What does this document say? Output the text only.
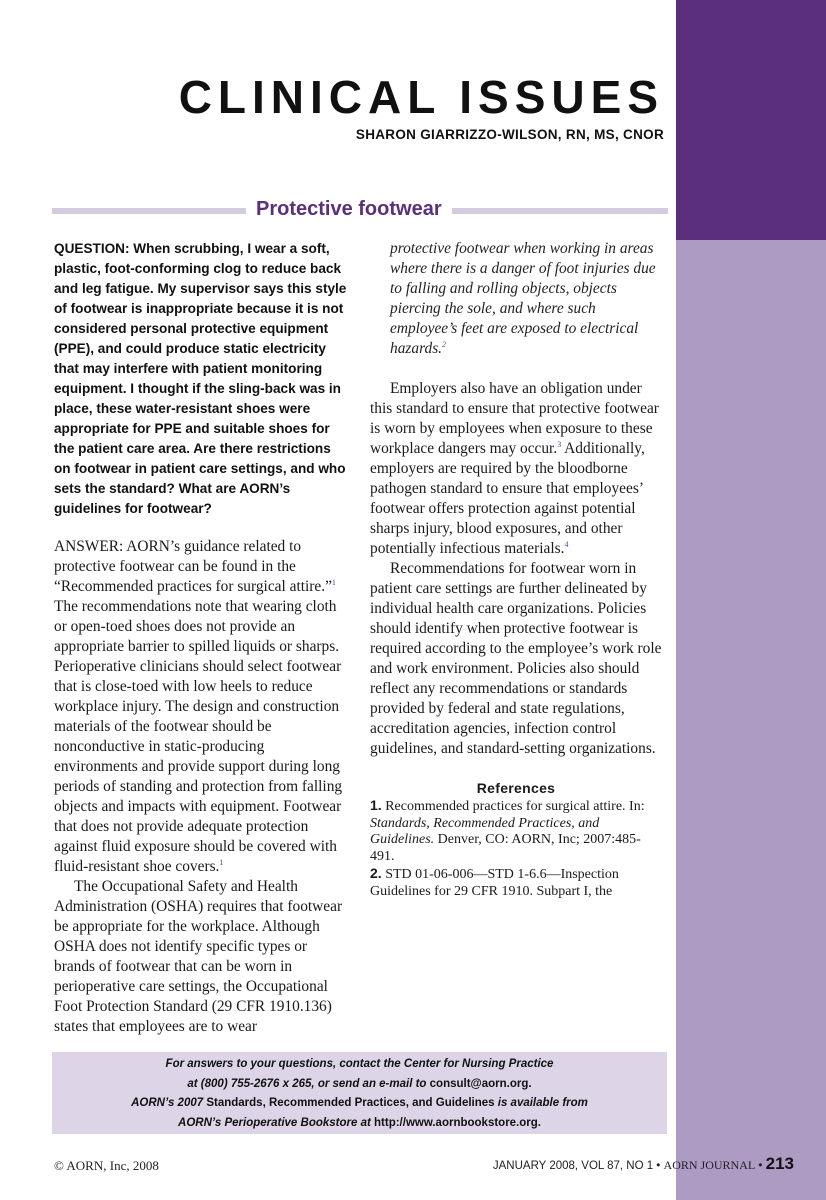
CLINICAL ISSUES
SHARON GIARRIZZO-WILSON, RN, MS, CNOR
Protective footwear

QUESTION: When scrubbing, I wear a soft, plastic, foot-conforming clog to reduce back and leg fatigue. My supervisor says this style of footwear is inappropriate because it is not considered personal protective equipment (PPE), and could produce static electricity that may interfere with patient monitoring equipment. I thought if the sling-back was in place, these water-resistant shoes were appropriate for PPE and suitable shoes for the patient care area. Are there restrictions on footwear in patient care settings, and who sets the standard? What are AORN’s guidelines for footwear?

ANSWER: AORN’s guidance related to protective footwear can be found in the “Recommended practices for surgical attire.”$^1$ The recommendations note that wearing cloth or open-toed shoes does not provide an appropriate barrier to spilled liquids or sharps. Perioperative clinicians should select footwear that is close-toed with low heels to reduce workplace injury. The design and construction materials of the footwear should be nonconductive in static-producing environments and provide support during long periods of standing and protection from falling objects and impacts with equipment. Footwear that does not provide adequate protection against fluid exposure should be covered with fluid-resistant shoe covers.$^1$

The Occupational Safety and Health Administration (OSHA) requires that footwear be appropriate for the workplace. Although OSHA does not identify specific types or brands of footwear that can be worn in perioperative care settings, the Occupational Foot Protection Standard (29 CFR 1910.136) states that employees are to wear

protective footwear when working in areas where there is a danger of foot injuries due to falling and rolling objects, objects piercing the sole, and where such employee’s feet are exposed to electrical hazards.$^2$

Employers also have an obligation under this standard to ensure that protective footwear is worn by employees when exposure to these workplace dangers may occur.$^3$ Additionally, employers are required by the bloodborne pathogen standard to ensure that employees’ footwear offers protection against potential sharps injury, blood exposures, and other potentially infectious materials.$^4$

Recommendations for footwear worn in patient care settings are further delineated by individual health care organizations. Policies should identify when protective footwear is required according to the employee’s work role and work environment. Policies also should reflect any recommendations or standards provided by federal and state regulations, accreditation agencies, infection control guidelines, and standard-setting organizations.

References

1. Recommended practices for surgical attire. In: Standards, Recommended Practices, and Guidelines. Denver, CO: AORN, Inc; 2007:485-491.

2. STD 01-06-006—STD 1-6.6—Inspection Guidelines for 29 CFR 1910. Subpart I, the

For answers to your questions, contact the Center for Nursing Practice
at (800) 755-2676 x 265, or send an e-mail to consult@aorn.org.
AORN’s 2007 Standards, Recommended Practices, and Guidelines is available from
AORN’s Perioperative Bookstore at http://www.aornbookstore.org.
© AORN, Inc, 2008	JANUARY 2008, VOL 87, NO 1 • AORN JOURNAL • 213
